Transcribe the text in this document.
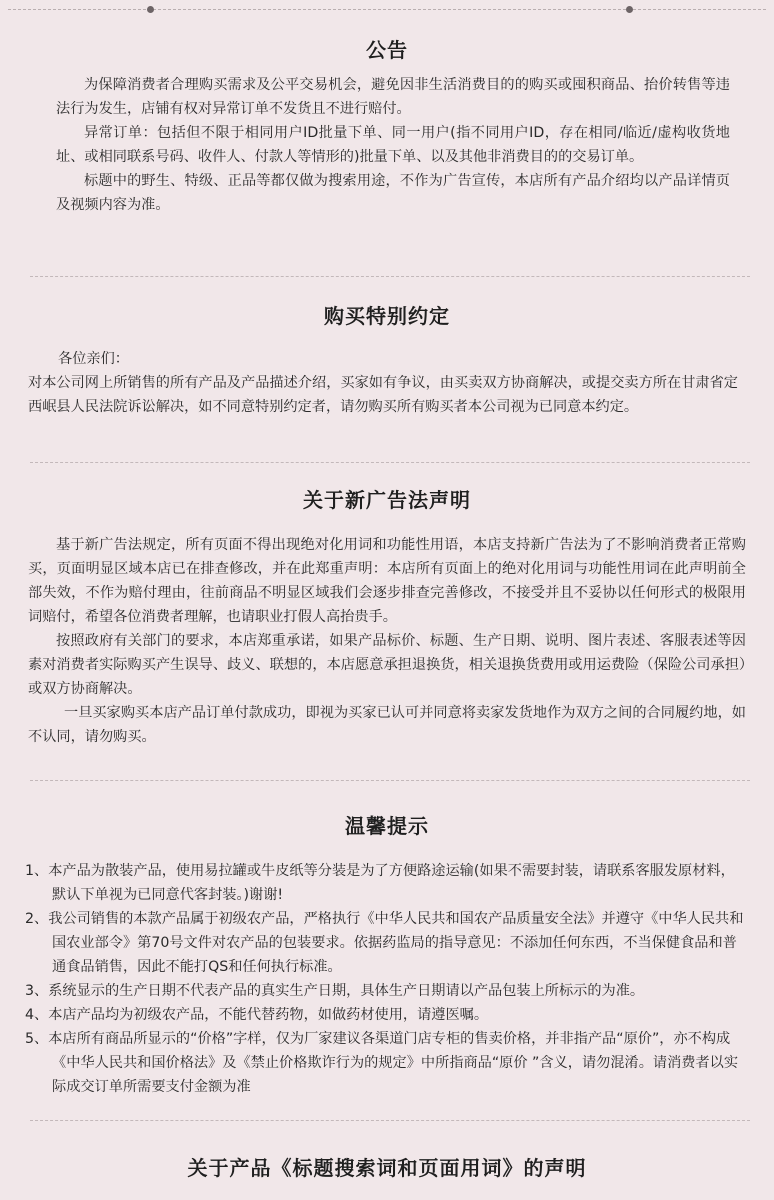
公告

为保障消费者合理购买需求及公平交易机会，避免因非生活消费目的的购买或囤积商品、抬价转售等违法行为发生，店铺有权对异常订单不发货且不进行赔付。

异常订单：包括但不限于相同用户ID批量下单、同一用户(指不同用户ID，存在相同/临近/虚构收货地址、或相同联系号码、收件人、付款人等情形的)批量下单、以及其他非消费目的的交易订单。

标题中的野生、特级、正品等都仅做为搜索用途，不作为广告宣传，本店所有产品介绍均以产品详情页及视频内容为准。

购买特别约定

各位亲们：

对本公司网上所销售的所有产品及产品描述介绍，买家如有争议，由买卖双方协商解决，或提交卖方所在甘肃省定西岷县人民法院诉讼解决，如不同意特别约定者，请勿购买所有购买者本公司视为已同意本约定。

关于新广告法声明

基于新广告法规定，所有页面不得出现绝对化用词和功能性用语，本店支持新广告法为了不影响消费者正常购买，页面明显区域本店已在排查修改，并在此郑重声明：本店所有页面上的绝对化用词与功能性用词在此声明前全部失效，不作为赔付理由，往前商品不明显区域我们会逐步排查完善修改，不接受并且不妥协以任何形式的极限用词赔付，希望各位消费者理解，也请职业打假人高抬贵手。

按照政府有关部门的要求，本店郑重承诺，如果产品标价、标题、生产日期、说明、图片表述、客服表述等因素对消费者实际购买产生误导、歧义、联想的，本店愿意承担退换货，相关退换货费用或用运费险（保险公司承担）或双方协商解决。

一旦买家购买本店产品订单付款成功，即视为买家已认可并同意将卖家发货地作为双方之间的合同履约地，如不认同，请勿购买。

温馨提示
1、本产品为散装产品，使用易拉罐或牛皮纸等分装是为了方便路途运输(如果不需要封装，请联系客服发原材料，默认下单视为已同意代客封装。)谢谢!
2、我公司销售的本款产品属于初级农产品，严格执行《中华人民共和国农产品质量安全法》并遵守《中华人民共和国农业部令》第70号文件对农产品的包装要求。依据药监局的指导意见：不添加任何东西，不当保健食品和普通食品销售，因此不能打QS和任何执行标准。
3、系统显示的生产日期不代表产品的真实生产日期，具体生产日期请以产品包装上所标示的为准。
4、本店产品均为初级农产品，不能代替药物，如做药材使用，请遵医嘱。
5、本店所有商品所显示的“价格”字样，仅为厂家建议各渠道门店专柜的售卖价格，并非指产品“原价”，亦不构成《中华人民共和国价格法》及《禁止价格欺诈行为的规定》中所指商品“原价 ”含义，请勿混淆。请消费者以实际成交订单所需要支付金额为准
关于产品《标题搜索词和页面用词》的声明
